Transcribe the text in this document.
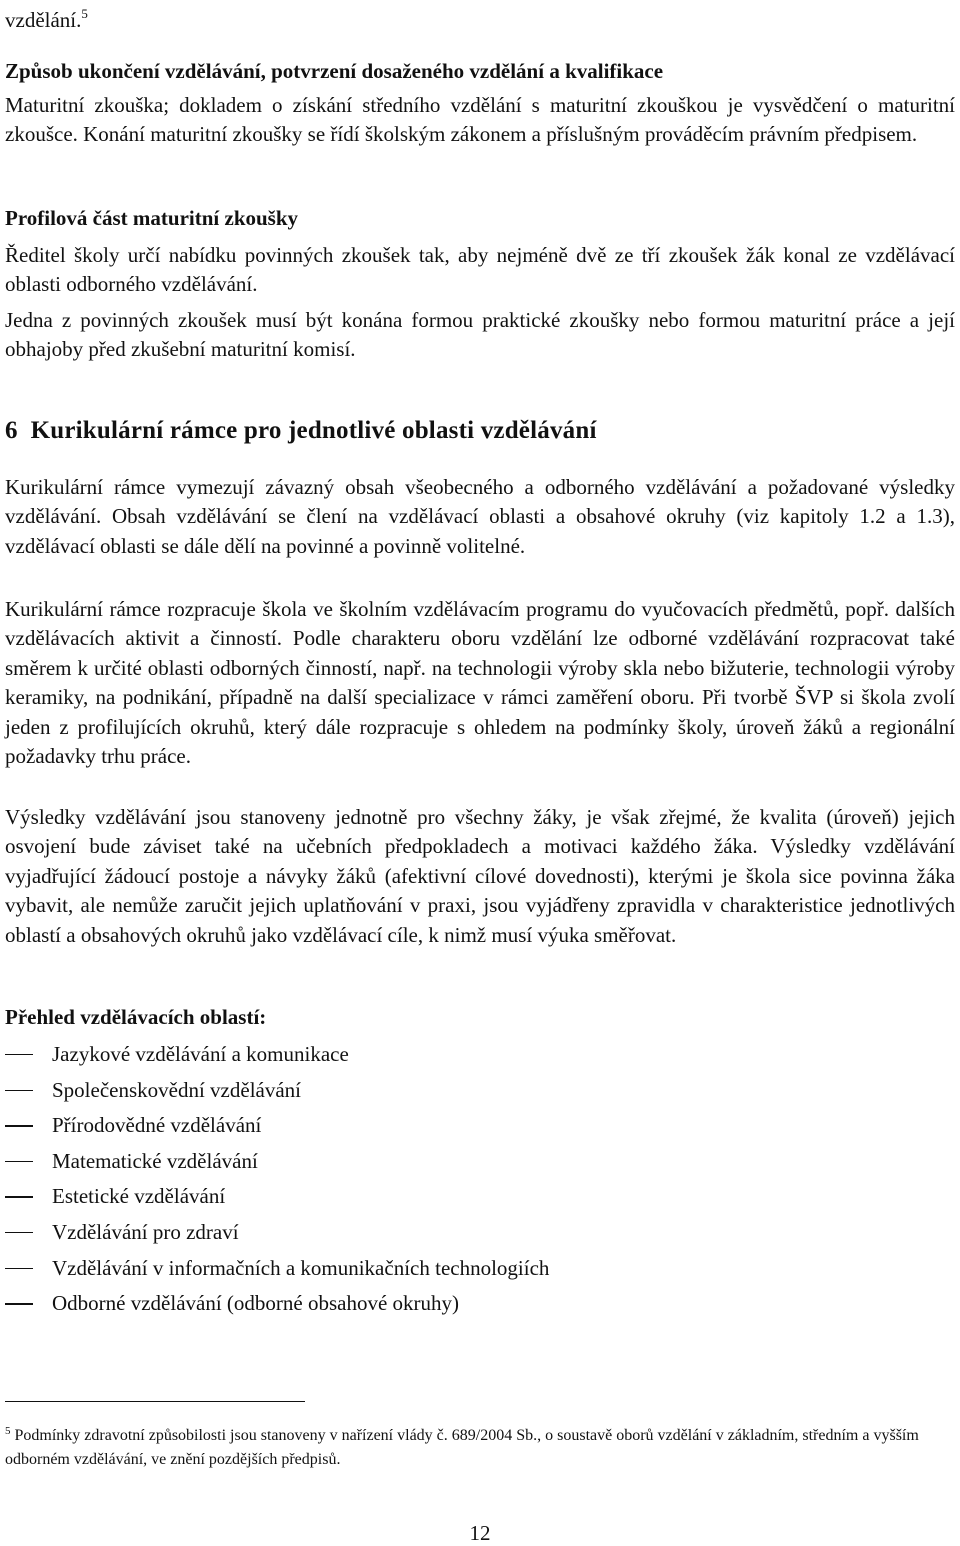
vzdělání.$^5$
Způsob ukončení vzdělávání, potvrzení dosaženého vzdělání a kvalifikace

Maturitní zkouška; dokladem o získání středního vzdělání s maturitní zkouškou je vysvědčení o maturitní zkoušce. Konání maturitní zkoušky se řídí školským zákonem a příslušným prováděcím právním předpisem.

Profilová část maturitní zkoušky

Ředitel školy určí nabídku povinných zkoušek tak, aby nejméně dvě ze tří zkoušek žák konal ze vzdělávací oblasti odborného vzdělávání.

Jedna z povinných zkoušek musí být konána formou praktické zkoušky nebo formou maturitní práce a její obhajoby před zkušební maturitní komisí.

6 Kurikulární rámce pro jednotlivé oblasti vzdělávání

Kurikulární rámce vymezují závazný obsah všeobecného a odborného vzdělávání a požadované výsledky vzdělávání. Obsah vzdělávání se člení na vzdělávací oblasti a obsahové okruhy (viz kapitoly 1.2 a 1.3), vzdělávací oblasti se dále dělí na povinné a povinně volitelné.

Kurikulární rámce rozpracuje škola ve školním vzdělávacím programu do vyučovacích předmětů, popř. dalších vzdělávacích aktivit a činností. Podle charakteru oboru vzdělání lze odborné vzdělávání rozpracovat také směrem k určité oblasti odborných činností, např. na technologii výroby skla nebo bižuterie, technologii výroby keramiky, na podnikání, případně na další specializace v rámci zaměření oboru. Při tvorbě ŠVP si škola zvolí jeden z profilujících okruhů, který dále rozpracuje s ohledem na podmínky školy, úroveň žáků a regionální požadavky trhu práce.

Výsledky vzdělávání jsou stanoveny jednotně pro všechny žáky, je však zřejmé, že kvalita (úroveň) jejich osvojení bude záviset také na učebních předpokladech a motivaci každého žáka. Výsledky vzdělávání vyjadřující žádoucí postoje a návyky žáků (afektivní cílové dovednosti), kterými je škola sice povinna žáka vybavit, ale nemůže zaručit jejich uplatňování v praxi, jsou vyjádřeny zpravidla v charakteristice jednotlivých oblastí a obsahových okruhů jako vzdělávací cíle, k nimž musí výuka směřovat.

Přehled vzdělávacích oblastí:
Jazykové vzdělávání a komunikace
Společenskovědní vzdělávání
Přírodovědné vzdělávání
Matematické vzdělávání
Estetické vzdělávání
Vzdělávání pro zdraví
Vzdělávání v informačních a komunikačních technologiích
Odborné vzdělávání (odborné obsahové okruhy)
$^5$ Podmínky zdravotní způsobilosti jsou stanoveny v nařízení vlády č. 689/2004 Sb., o soustavě oborů vzdělání v základním, středním a vyšším odborném vzdělávání, ve znění pozdějších předpisů.
12
